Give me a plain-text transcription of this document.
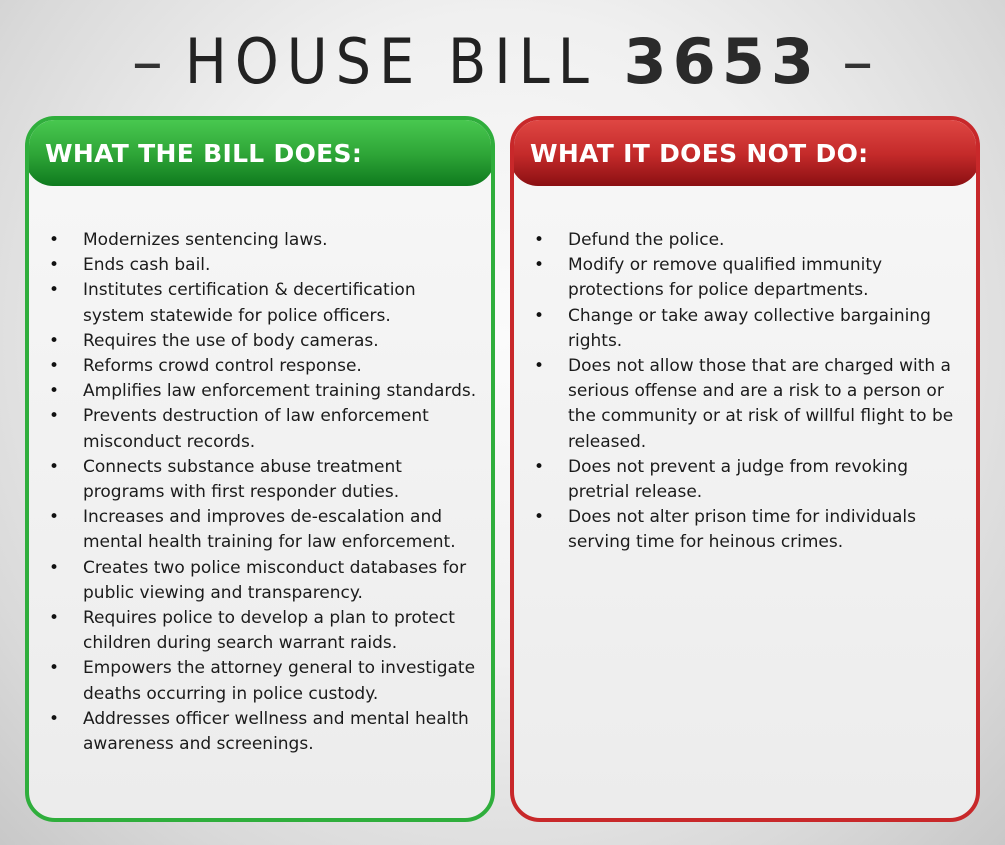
– HOUSE BILL 3653 –
WHAT THE BILL DOES:
• Modernizes sentencing laws.
• Ends cash bail.
• Institutes certification & decertification system statewide for police officers.
• Requires the use of body cameras.
• Reforms crowd control response.
• Amplifies law enforcement training standards.
• Prevents destruction of law enforcement misconduct records.
• Connects substance abuse treatment programs with first responder duties.
• Increases and improves de-escalation and mental health training for law enforcement.
• Creates two police misconduct databases for public viewing and transparency.
• Requires police to develop a plan to protect children during search warrant raids.
• Empowers the attorney general to investigate deaths occurring in police custody.
• Addresses officer wellness and mental health awareness and screenings.
WHAT IT DOES NOT DO:
• Defund the police.
• Modify or remove qualified immunity protections for police departments.
• Change or take away collective bargaining rights.
• Does not allow those that are charged with a serious offense and are a risk to a person or the community or at risk of willful flight to be released.
• Does not prevent a judge from revoking pretrial release.
• Does not alter prison time for individuals serving time for heinous crimes.
